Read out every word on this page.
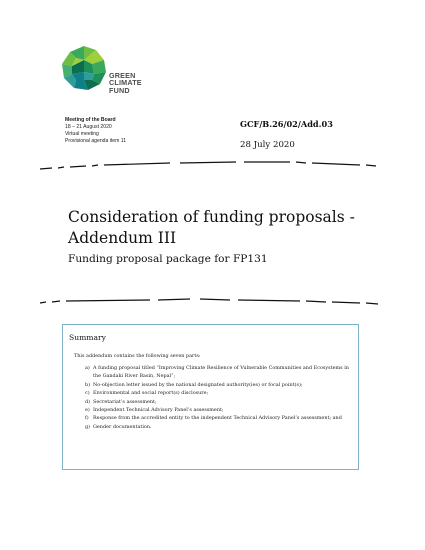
GREEN
CLIMATE
FUND
Meeting of the Board
18 – 21 August 2020
Virtual meeting
Provisional agenda item 11
GCF/B.26/02/Add.03
28 July 2020
Consideration of funding proposals -
Addendum III
Funding proposal package for FP131
Summary
This addendum contains the following seven parts:
a) A funding proposal titled “Improving Climate Resilience of Vulnerable Communities and Ecosystems in the Gandaki River Basin, Nepal”;
b) No-objection letter issued by the national designated authority(ies) or focal point(s);
c) Environmental and social report(s) disclosure;
d) Secretariat’s assessment;
e) Independent Technical Advisory Panel’s assessment;
f) Response from the accredited entity to the independent Technical Advisory Panel’s assessment; and
g) Gender documentation.
